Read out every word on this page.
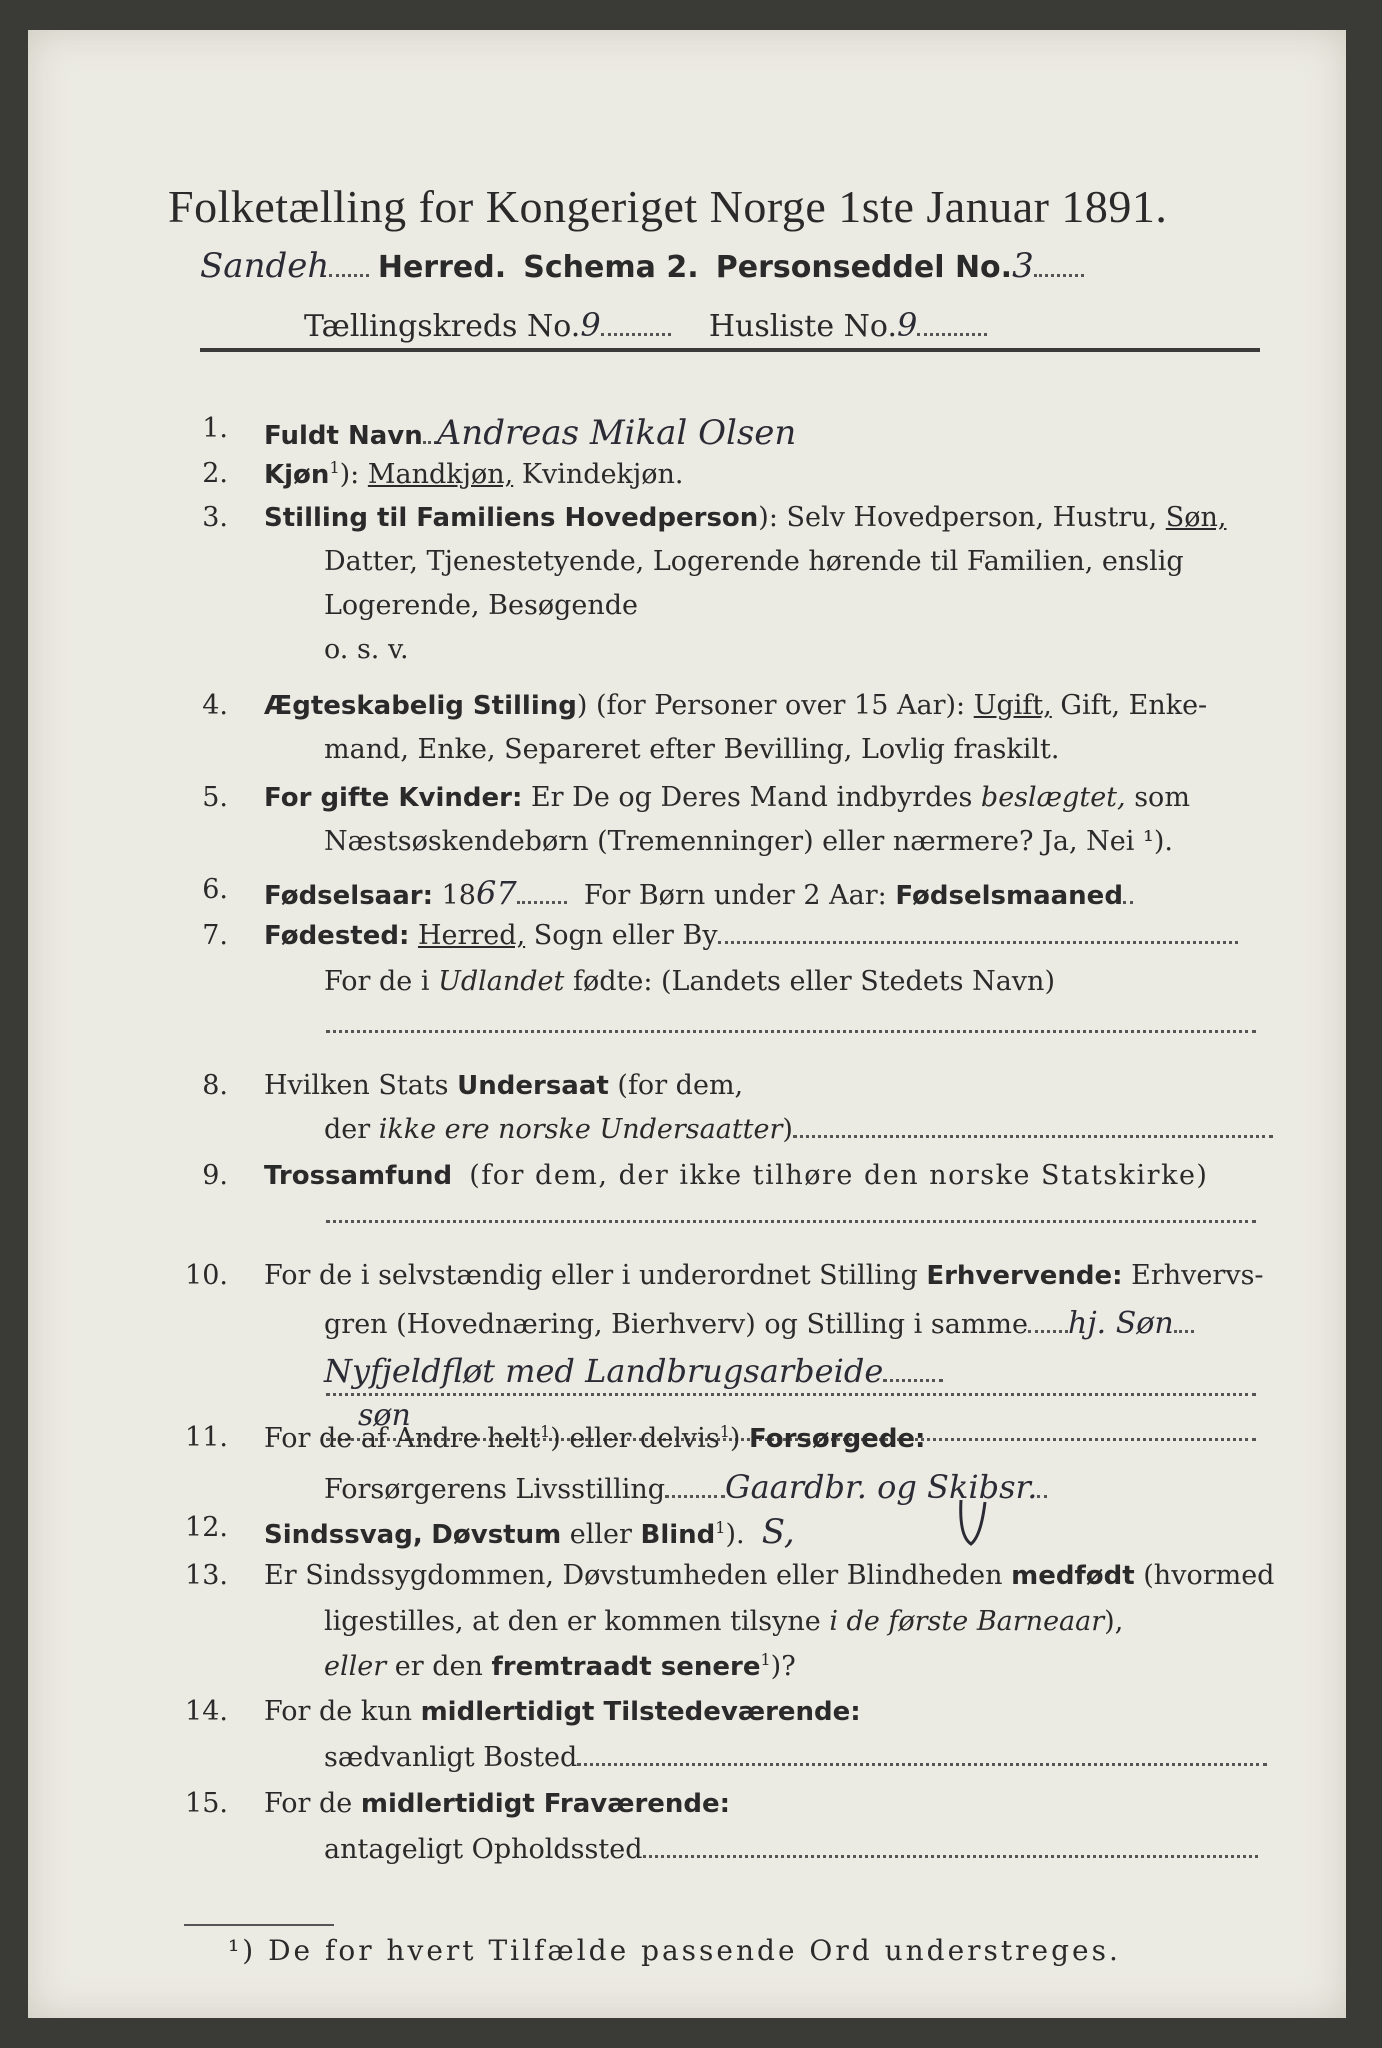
Folketælling for Kongeriget Norge 1ste Januar 1891.
Sandeh Herred. Schema 2. Personseddel No.3
Tællingskreds No.9	Husliste No.9
1. Fuldt Navn Andreas Mikal Olsen
2. Kjøn$^1$): Mandkjøn, Kvindekjøn.
3. Stilling til Familiens Hovedperson): Selv Hovedperson, Hustru, Søn,
Datter, Tjenestetyende, Logerende hørende til Familien, enslig
Logerende, Besøgende
o. s. v.
4. Ægteskabelig Stilling) (for Personer over 15 Aar): Ugift, Gift, Enke-
mand, Enke, Separeret efter Bevilling, Lovlig fraskilt.
5. For gifte Kvinder: Er De og Deres Mand indbyrdes beslægtet, som
Næstsøskendebørn (Tremenninger) eller nærmere? Ja, Nei ¹).
6. Fødselsaar: 1867 For Børn under 2 Aar: Fødselsmaaned
7. Fødested: Herred, Sogn eller By
For de i Udlandet fødte: (Landets eller Stedets Navn)
8. Hvilken Stats Undersaat (for dem,
der ikke ere norske Undersaatter)
9. Trossamfund (for dem, der ikke tilhøre den norske Statskirke)
10. For de i selvstændig eller i underordnet Stilling Erhvervende: Erhvervs-
gren (Hovednæring, Bierhverv) og Stilling i samme hj. Søn
Nyfjeldfløt med Landbrugsarbeide
søn
11. For de af Andre helt$^1$) eller delvis$^1$) Forsørgede:
Forsørgerens Livsstilling Gaardbr. og Skibsr.
12. Sindssvag, Døvstum eller Blind$^1$). S,
13. Er Sindssygdommen, Døvstumheden eller Blindheden medfødt (hvormed
ligestilles, at den er kommen tilsyne i de første Barneaar),
eller er den fremtraadt senere$^1$)?
14. For de kun midlertidigt Tilstedeværende:
sædvanligt Bosted
15. For de midlertidigt Fraværende:
antageligt Opholdssted
¹) De for hvert Tilfælde passende Ord understreges.
